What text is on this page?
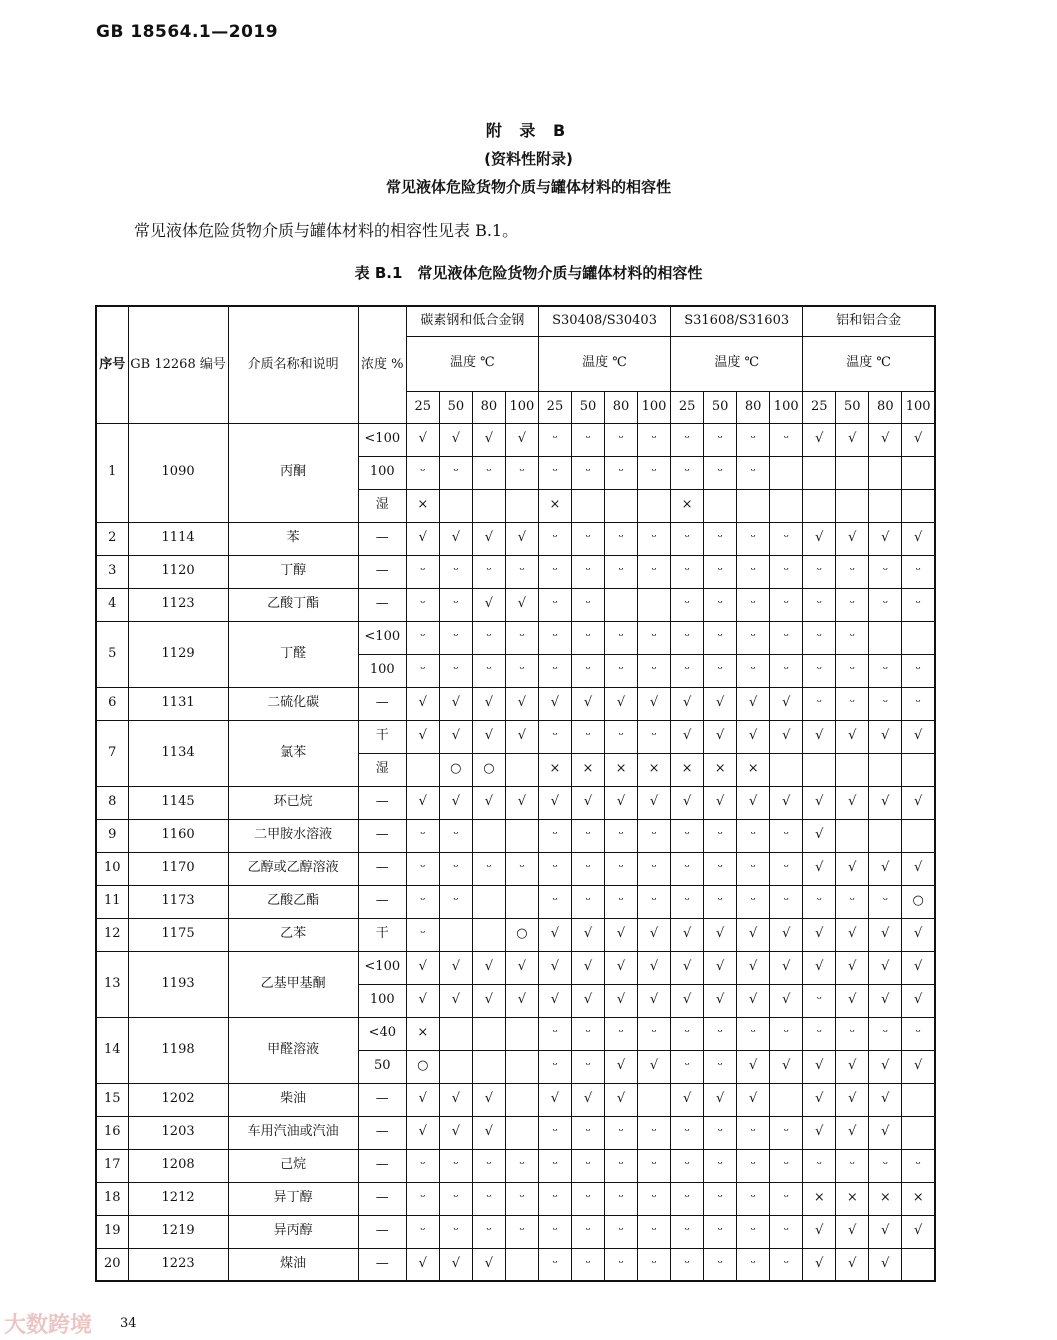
GB 18564.1—2019
附 录 B
(资料性附录)
常见液体危险货物介质与罐体材料的相容性
常见液体危险货物介质与罐体材料的相容性见表 B.1。
表 B.1　常见液体危险货物介质与罐体材料的相容性
序号	GB 12268 编号	介质名称和说明	浓度 %	碳素钢和低合金钢				S30408/S30403				S31608/S31603				铝和铝合金			
				温度 ℃				温度 ℃				温度 ℃				温度 ℃			
				25	50	80	100	25	50	80	100	25	50	80	100	25	50	80	100
1	1090	丙酮	<100	√	√	√	√	ᵕ	ᵕ	ᵕ	ᵕ	ᵕ	ᵕ	ᵕ	ᵕ	√	√	√	√
			100	ᵕ	ᵕ	ᵕ	ᵕ	ᵕ	ᵕ	ᵕ	ᵕ	ᵕ	ᵕ	ᵕ					
			湿	×				×				×							
2	1114	苯	—	√	√	√	√	ᵕ	ᵕ	ᵕ	ᵕ	ᵕ	ᵕ	ᵕ	ᵕ	√	√	√	√
3	1120	丁醇	—	ᵕ	ᵕ	ᵕ	ᵕ	ᵕ	ᵕ	ᵕ	ᵕ	ᵕ	ᵕ	ᵕ	ᵕ	ᵕ	ᵕ	ᵕ	ᵕ
4	1123	乙酸丁酯	—	ᵕ	ᵕ	√	√	ᵕ	ᵕ			ᵕ	ᵕ	ᵕ	ᵕ	ᵕ	ᵕ	ᵕ	ᵕ
5	1129	丁醛	<100	ᵕ	ᵕ	ᵕ	ᵕ	ᵕ	ᵕ	ᵕ	ᵕ	ᵕ	ᵕ	ᵕ	ᵕ	ᵕ	ᵕ		
			100	ᵕ	ᵕ	ᵕ	ᵕ	ᵕ	ᵕ	ᵕ	ᵕ	ᵕ	ᵕ	ᵕ	ᵕ	ᵕ	ᵕ	ᵕ	ᵕ
6	1131	二硫化碳	—	√	√	√	√	√	√	√	√	√	√	√	√	ᵕ	ᵕ	ᵕ	ᵕ
7	1134	氯苯	干	√	√	√	√	ᵕ	ᵕ	ᵕ	ᵕ	√	√	√	√	√	√	√	√
			湿		○	○		×	×	×	×	×	×	×					
8	1145	环已烷	—	√	√	√	√	√	√	√	√	√	√	√	√	√	√	√	√
9	1160	二甲胺水溶液	—	ᵕ	ᵕ			ᵕ	ᵕ	ᵕ	ᵕ	ᵕ	ᵕ	ᵕ	ᵕ	√			
10	1170	乙醇或乙醇溶液	—	ᵕ	ᵕ	ᵕ	ᵕ	ᵕ	ᵕ	ᵕ	ᵕ	ᵕ	ᵕ	ᵕ	ᵕ	√	√	√	√
11	1173	乙酸乙酯	—	ᵕ	ᵕ			ᵕ	ᵕ	ᵕ	ᵕ	ᵕ	ᵕ	ᵕ	ᵕ	ᵕ	ᵕ	ᵕ	○
12	1175	乙苯	干	ᵕ			○	√	√	√	√	√	√	√	√	√	√	√	√
13	1193	乙基甲基酮	<100	√	√	√	√	√	√	√	√	√	√	√	√	√	√	√	√
			100	√	√	√	√	√	√	√	√	√	√	√	√	ᵕ	√	√	√
14	1198	甲醛溶液	<40	×				ᵕ	ᵕ	ᵕ	ᵕ	ᵕ	ᵕ	ᵕ	ᵕ	ᵕ	ᵕ	ᵕ	ᵕ
			50	○				ᵕ	ᵕ	√	√	ᵕ	ᵕ	√	√	√	√	√	√
15	1202	柴油	—	√	√	√		√	√	√		√	√	√		√	√	√	
16	1203	车用汽油或汽油	—	√	√	√		ᵕ	ᵕ	ᵕ	ᵕ	ᵕ	ᵕ	ᵕ	ᵕ	√	√	√	
17	1208	己烷	—	ᵕ	ᵕ	ᵕ	ᵕ	ᵕ	ᵕ	ᵕ	ᵕ	ᵕ	ᵕ	ᵕ	ᵕ	ᵕ	ᵕ	ᵕ	ᵕ
18	1212	异丁醇	—	ᵕ	ᵕ	ᵕ	ᵕ	ᵕ	ᵕ	ᵕ	ᵕ	ᵕ	ᵕ	ᵕ	ᵕ	×	×	×	×
19	1219	异丙醇	—	ᵕ	ᵕ	ᵕ	ᵕ	ᵕ	ᵕ	ᵕ	ᵕ	ᵕ	ᵕ	ᵕ	ᵕ	√	√	√	√
20	1223	煤油	—	√	√	√		ᵕ	ᵕ	ᵕ	ᵕ	ᵕ	ᵕ	ᵕ	ᵕ	√	√	√	
34
大数跨境
